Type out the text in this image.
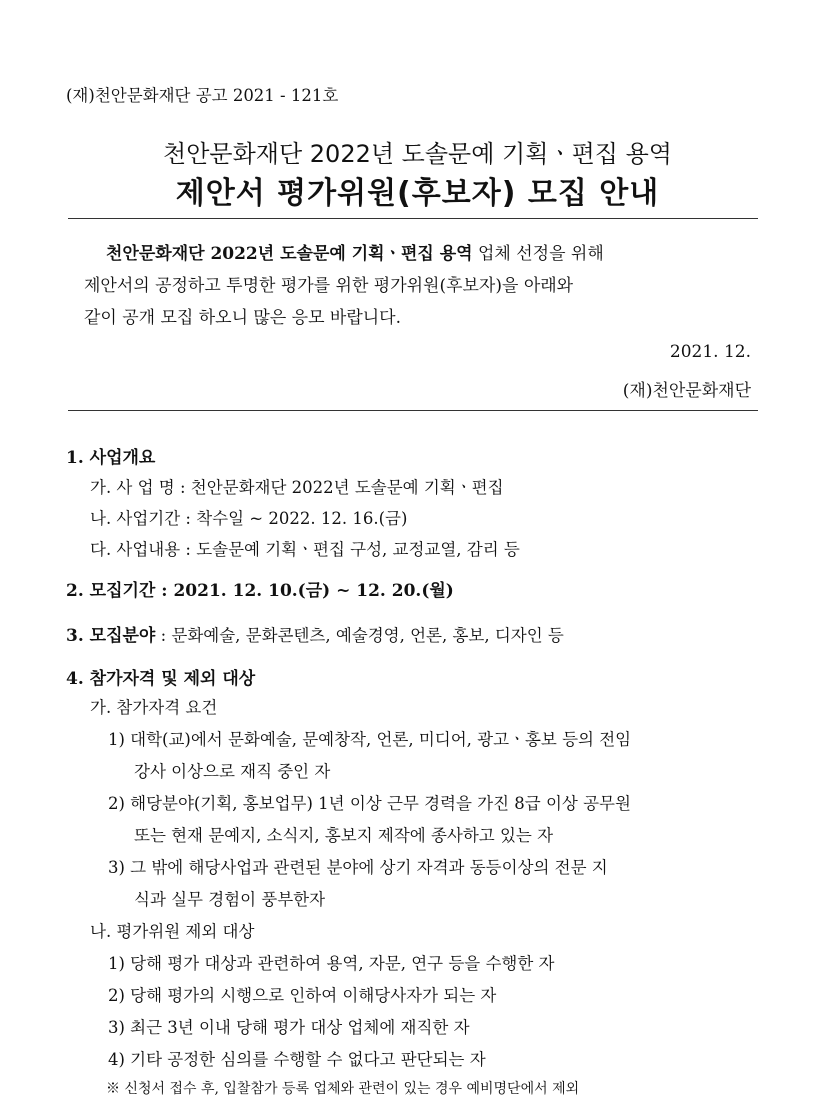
(재)천안문화재단 공고 2021 - 121호
천안문화재단 2022년 도솔문예 기획ㆍ편집 용역
제안서 평가위원(후보자) 모집 안내
천안문화재단 2022년 도솔문예 기획ㆍ편집 용역 업체 선정을 위해
제안서의 공정하고 투명한 평가를 위한 평가위원(후보자)을 아래와
같이 공개 모집 하오니 많은 응모 바랍니다.
2021. 12.
(재)천안문화재단
1. 사업개요
가. 사 업 명 : 천안문화재단 2022년 도솔문예 기획ㆍ편집
나. 사업기간 : 착수일 ~ 2022. 12. 16.(금)
다. 사업내용 : 도솔문예 기획ㆍ편집 구성, 교정교열, 감리 등
2. 모집기간 : 2021. 12. 10.(금) ~ 12. 20.(월)
3. 모집분야 : 문화예술, 문화콘텐츠, 예술경영, 언론, 홍보, 디자인 등
4. 참가자격 및 제외 대상
가. 참가자격 요건
1) 대학(교)에서 문화예술, 문예창작, 언론, 미디어, 광고ㆍ홍보 등의 전임
강사 이상으로 재직 중인 자
2) 해당분야(기획, 홍보업무) 1년 이상 근무 경력을 가진 8급 이상 공무원
또는 현재 문예지, 소식지, 홍보지 제작에 종사하고 있는 자
3) 그 밖에 해당사업과 관련된 분야에 상기 자격과 동등이상의 전문 지
식과 실무 경험이 풍부한자
나. 평가위원 제외 대상
1) 당해 평가 대상과 관련하여 용역, 자문, 연구 등을 수행한 자
2) 당해 평가의 시행으로 인하여 이해당사자가 되는 자
3) 최근 3년 이내 당해 평가 대상 업체에 재직한 자
4) 기타 공정한 심의를 수행할 수 없다고 판단되는 자
※ 신청서 접수 후, 입찰참가 등록 업체와 관련이 있는 경우 예비명단에서 제외
